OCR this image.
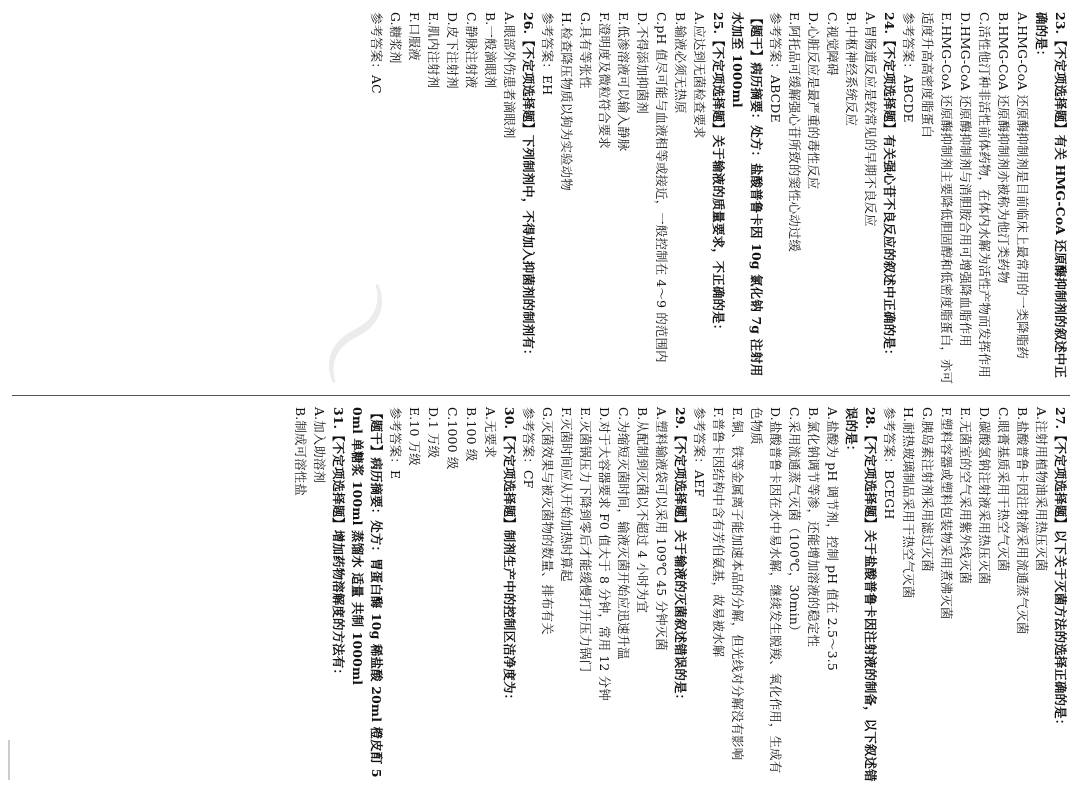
〜	23.【不定项选择题】有关 HMG-CoA 还原酶抑制剂的叙述中正确的是：

A.HMG-CoA 还原酶抑制剂是目前临床上最常用的一类降脂药

B.HMG-CoA 还原酶抑制剂亦被称为他汀类药物

C.活性他汀种非活性前体药物，在体内水解为活性产物而发挥作用

D.HMG-CoA 还原酶抑制剂与消胆胺合用可增强降血脂作用

E.HMG-CoA 还原酶抑制剂主要降低胆固醇和低密度脂蛋白，亦可适度升高高密度脂蛋白

参考答案：ABCDE

24.【不定项选择题】有关强心苷不良反应的叙述中正确的是：

A.胃肠道反应是较常见的早期不良反应

B.中枢神经系统反应

C.视觉障碍

D.心脏反应是最严重的毒性反应

E.阿托品可缓解强心苷所致的窦性心动过缓

参考答案：ABCDE

【题干】病历摘要：处方：盐酸普鲁卡因 10g 氯化钠 7g 注射用水加至 1000ml

25.【不定项选择题】关于输液的质量要求，不正确的是：

A.应达到无菌检查要求

B.输液必须无热原

C.pH 值尽可能与血液相等或接近，一般控制在 4～9 的范围内

D.不得添加抑菌剂

E.低渗溶液可以输入静脉

F.澄明度及微粒符合要求

G.具有等张性

H.检查降压物质以狗为实验动物

参考答案：EH

26.【不定项选择题】下列制剂中，不得加入抑菌剂的制剂有：

A.眼部外伤患者滴眼剂

B.一般滴眼剂

C.静脉注射液

D.皮下注射剂

E.肌内注射剂

F.口服液

G.糖浆剂

参考答案：AC

27.【不定项选择题】以下关于灭菌方法的选择正确的是：

A.注射用植物油采用热压灭菌

B.盐酸普鲁卡因注射液采用流通蒸气灭菌

C.眼膏基质采用干热空气灭菌

D.碳酸氢钠注射液采用热压灭菌

E.无菌室的空气采用紫外线灭菌

F.塑料容器或塑料包装物采用煮沸灭菌

G.胰岛素注射剂采用滤过灭菌

H.耐热玻璃制品采用干热空气灭菌

参考答案：BCEGH

28.【不定项选择题】关于盐酸普鲁卡因注射液的制备，以下叙述错误的是：

A.盐酸为 pH 调节剂，控制 pH 值在 2.5～3.5

B.氯化钠调节等渗，还能增加溶液的稳定性

C.采用流通蒸气灭菌（100℃，30min）

D.盐酸普鲁卡因在水中易水解，继续发生脱羧、氧化作用，生成有色物质

E.铜、铁等金属离子能加速本品的分解，但光线对分解没有影响

F.普鲁卡因结构中含有芳伯氨基，故易被水解

参考答案：AEF

29.【不定项选择题】关于输液的灭菌叙述错误的是：

A.塑料输液袋可以采用 109℃ 45 分钟灭菌

B.从配制到灭菌以不超过 4 小时为宜

C.为缩短灭菌时间，输液灭菌开始应迅速升温

D.对于大容器要求 F0 值大于 8 分钟，常用 12 分钟

E.灭菌锅压力下降到零后才能缓慢打开压力锅门

F.灭菌时间应从开始加热时算起

G.灭菌效果与被灭菌物的数量、排布有关

参考答案：CF

30.【不定项选择题】制剂生产中的控制区洁净度为：

A.无要求

B.100 级

C.1000 级

D.1 万级

E.10 万级

参考答案：E

【题干】病历摘要：处方：胃蛋白酶 10g 稀盐酸 20ml 橙皮酊 50ml 单糖浆 100ml 蒸馏水 适量 共制 1000ml

31.【不定项选择题】增加药物溶解度的方法有：

A.加入助溶剂

B.制成可溶性盐
